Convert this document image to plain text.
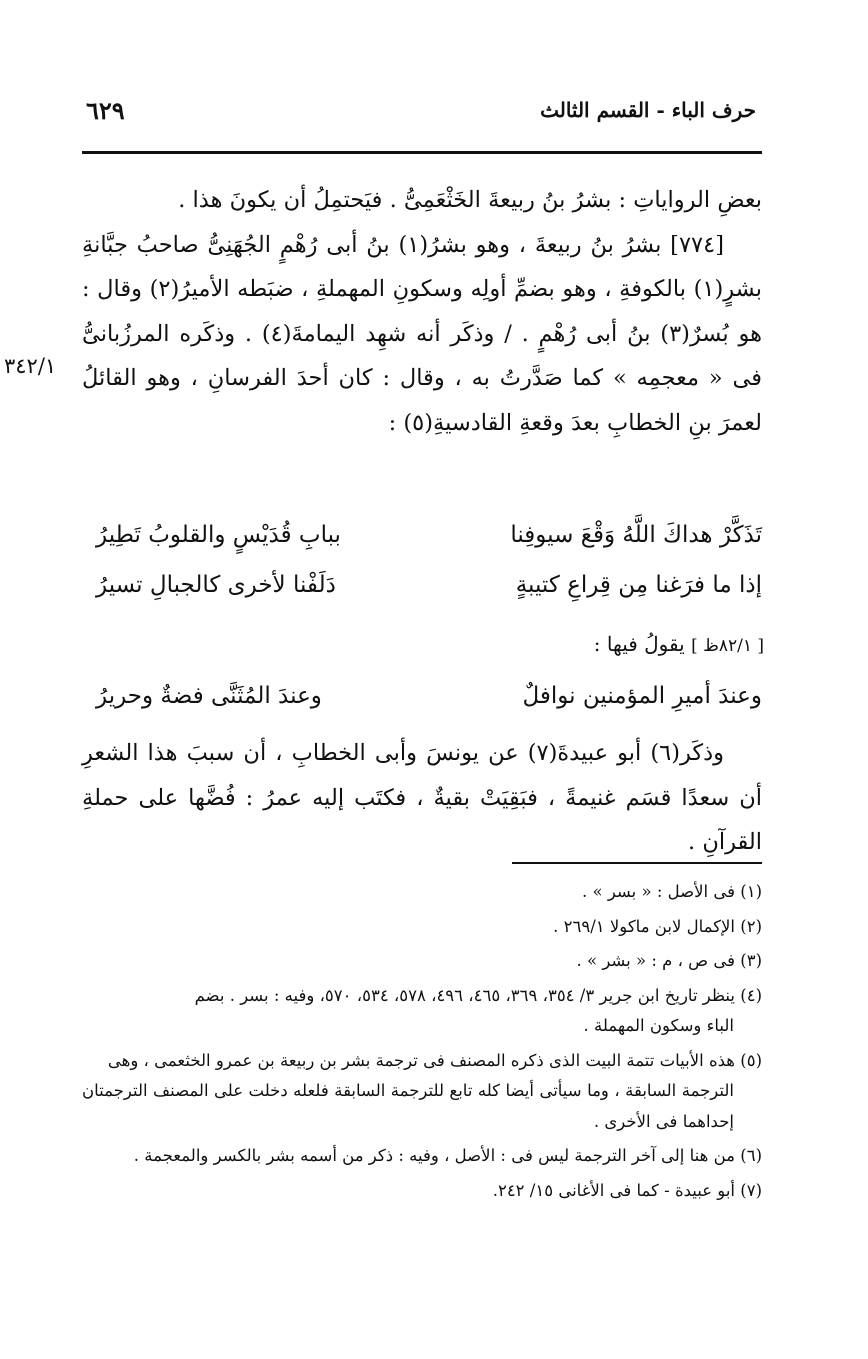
٦٢٩	حرف الباء - القسم الثالث

بعضِ الرواياتِ : بشرُ بنُ ربيعةَ الخَثْعَمِىُّ . فيَحتمِلُ أن يكونَ هذا .

[٧٧٤] بشرُ بنُ ربيعةَ ، وهو بشرُ(١) بنُ أبى رُهْمٍ الجُهَنِىُّ صاحبُ جبَّانةِ بشرٍ(١) بالكوفةِ ، وهو بضمِّ أولِه وسكونِ المهملةِ ، ضبَطه الأميرُ(٢) وقال : هو بُسرٌ(٣) بنُ أبى رُهْمٍ . / وذكَر أنه شهِد اليمامةَ(٤) . وذكَره المرزُبانىُّ فى « معجمِه » كما صَدَّرتُ به ، وقال : كان أحدَ الفرسانِ ، وهو القائلُ لعمرَ بنِ الخطابِ بعدَ وقعةِ القادسيةِ(٥) :

٣٤٢/١
تَذَكَّرْ هداكَ اللَّهُ وَقْعَ سيوفِنا
ببابِ قُدَيْسٍ والقلوبُ تَطِيرُ
إذا ما فرَغنا مِن قِراعِ كتيبةٍ
دَلَفْنا لأخرى كالجبالِ تسيرُ
[ ٨٢/١ظ ] يقولُ فيها :
وعندَ أميرِ المؤمنين نوافلٌ
وعندَ المُثَنَّى فضةٌ وحريرُ

وذكَر(٦) أبو عبيدةَ(٧) عن يونسَ وأبى الخطابِ ، أن سببَ هذا الشعرِ أن سعدًا قسَم غنيمةً ، فبَقِيَتْ بقيةٌ ، فكتَب إليه عمرُ : فُضَّها على حملةِ القرآنِ .

(١) فى الأصل : « بسر » .
(٢) الإكمال لابن ماكولا ٢٦٩/١ .
(٣) فى ص ، م : « بشر » .
(٤) ينظر تاريخ ابن جرير ٣/ ٣٥٤، ٣٦٩، ٤٦٥، ٤٩٦، ٥٧٨، ٥٣٤، ٥٧٠، وفيه : بسر . بضم
الباء وسكون المهملة .
(٥) هذه الأبيات تتمة البيت الذى ذكره المصنف فى ترجمة بشر بن ربيعة بن عمرو الخثعمى ، وهى
الترجمة السابقة ، وما سيأتى أيضا كله تابع للترجمة السابقة فلعله دخلت على المصنف الترجمتان إحداهما فى الأخرى .
(٦) من هنا إلى آخر الترجمة ليس فى : الأصل ، وفيه : ذكر من أسمه بشر بالكسر والمعجمة .
(٧) أبو عبيدة - كما فى الأغانى ١٥/ ٢٤٢.
